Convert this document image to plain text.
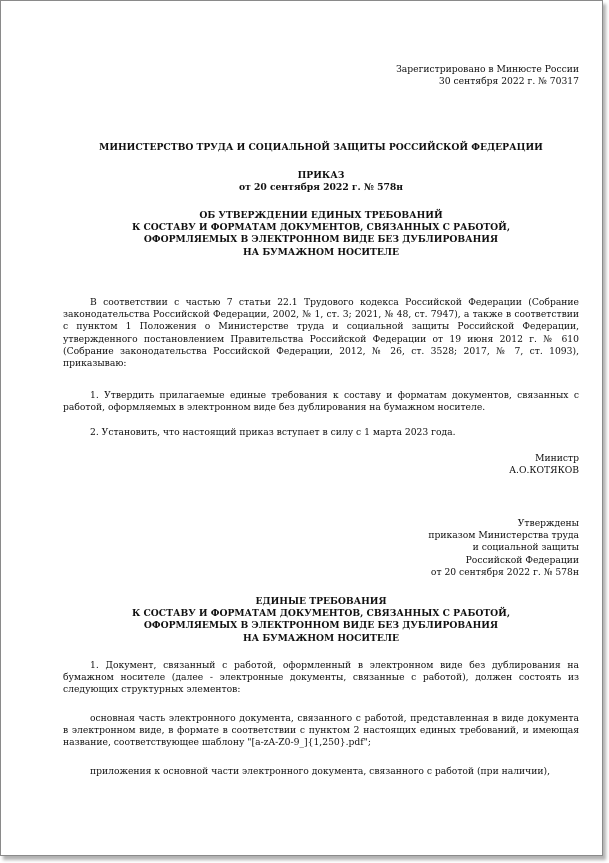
Зарегистрировано в Минюсте России
30 сентября 2022 г. № 70317
МИНИСТЕРСТВО ТРУДА И СОЦИАЛЬНОЙ ЗАЩИТЫ РОССИЙСКОЙ ФЕДЕРАЦИИ
ПРИКАЗ
от 20 сентября 2022 г. № 578н
ОБ УТВЕРЖДЕНИИ ЕДИНЫХ ТРЕБОВАНИЙ
К СОСТАВУ И ФОРМАТАМ ДОКУМЕНТОВ, СВЯЗАННЫХ С РАБОТОЙ,
ОФОРМЛЯЕМЫХ В ЭЛЕКТРОННОМ ВИДЕ БЕЗ ДУБЛИРОВАНИЯ
НА БУМАЖНОМ НОСИТЕЛЕ
В соответствии с частью 7 статьи 22.1 Трудового кодекса Российской Федерации (Собрание законодательства Российской Федерации, 2002, № 1, ст. 3; 2021, № 48, ст. 7947), а также в соответствии с пунктом 1 Положения о Министерстве труда и социальной защиты Российской Федерации, утвержденного постановлением Правительства Российской Федерации от 19 июня 2012 г. № 610 (Собрание законодательства Российской Федерации, 2012, № 26, ст. 3528; 2017, № 7, ст. 1093), приказываю:
1. Утвердить прилагаемые единые требования к составу и форматам документов, связанных с работой, оформляемых в электронном виде без дублирования на бумажном носителе.
2. Установить, что настоящий приказ вступает в силу с 1 марта 2023 года.
Министр
А.О.КОТЯКОВ
Утверждены
приказом Министерства труда
и социальной защиты
Российской Федерации
от 20 сентября 2022 г. № 578н
ЕДИНЫЕ ТРЕБОВАНИЯ
К СОСТАВУ И ФОРМАТАМ ДОКУМЕНТОВ, СВЯЗАННЫХ С РАБОТОЙ,
ОФОРМЛЯЕМЫХ В ЭЛЕКТРОННОМ ВИДЕ БЕЗ ДУБЛИРОВАНИЯ
НА БУМАЖНОМ НОСИТЕЛЕ
1. Документ, связанный с работой, оформленный в электронном виде без дублирования на бумажном носителе (далее - электронные документы, связанные с работой), должен состоять из следующих структурных элементов:
основная часть электронного документа, связанного с работой, представленная в виде документа в электронном виде, в формате в соответствии с пунктом 2 настоящих единых требований, и имеющая название, соответствующее шаблону "[a-zA-Z0-9_]{1,250}.pdf";
приложения к основной части электронного документа, связанного с работой (при наличии),
